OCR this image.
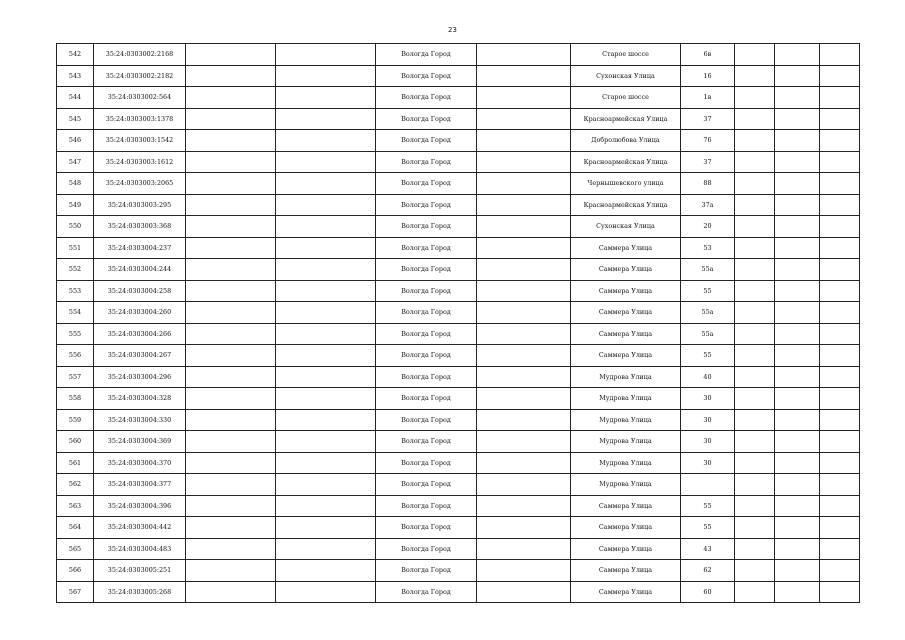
23
542	35:24:0303002:2168			Вологда Город		Старое шоссе	6в			
543	35:24:0303002:2182			Вологда Город		Сухонская Улица	16			
544	35:24:0303002:564			Вологда Город		Старое шоссе	1в			
545	35:24:0303003:1378			Вологда Город		Красноармейская Улица	37			
546	35:24:0303003:1542			Вологда Город		Добролюбова Улица	76			
547	35:24:0303003:1612			Вологда Город		Красноармейская Улица	37			
548	35:24:0303003:2065			Вологда Город		Чернышевского улица	88			
549	35:24:0303003:295			Вологда Город		Красноармейская Улица	37а			
550	35:24:0303003:368			Вологда Город		Сухонская Улица	20			
551	35:24:0303004:237			Вологда Город		Саммера Улица	53			
552	35:24:0303004:244			Вологда Город		Саммера Улица	55а			
553	35:24:0303004:258			Вологда Город		Саммера Улица	55			
554	35:24:0303004:260			Вологда Город		Саммера Улица	55а			
555	35:24:0303004:266			Вологда Город		Саммера Улица	55а			
556	35:24:0303004:267			Вологда Город		Саммера Улица	55			
557	35:24:0303004:296			Вологда Город		Мудрова Улица	40			
558	35:24:0303004:328			Вологда Город		Мудрова Улица	30			
559	35:24:0303004:330			Вологда Город		Мудрова Улица	30			
560	35:24:0303004:369			Вологда Город		Мудрова Улица	30			
561	35:24:0303004:370			Вологда Город		Мудрова Улица	30			
562	35:24:0303004:377			Вологда Город		Мудрова Улица				
563	35:24:0303004:396			Вологда Город		Саммера Улица	55			
564	35:24:0303004:442			Вологда Город		Саммера Улица	55			
565	35:24:0303004:483			Вологда Город		Саммера Улица	43			
566	35:24:0303005:251			Вологда Город		Саммера Улица	62			
567	35:24:0303005:268			Вологда Город		Саммера Улица	60			
